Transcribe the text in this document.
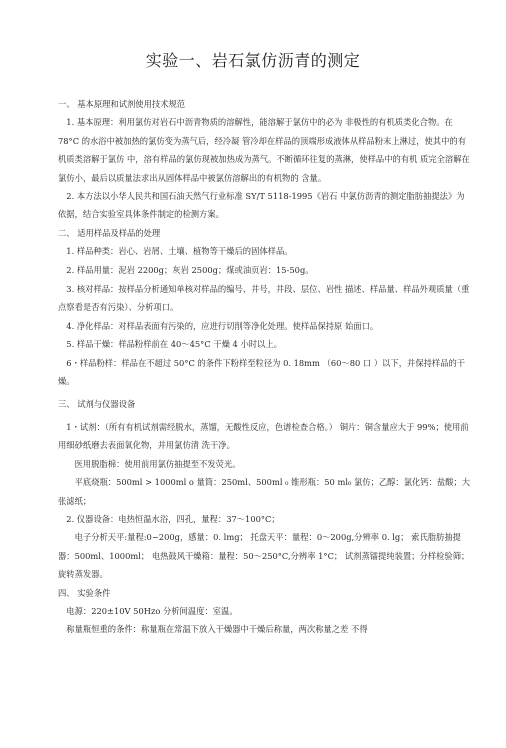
实验一、岩石氯仿沥青的测定

一、 基本原理和试剂使用技术规范

　1. 基本原理：利用氯仿对岩石中沥青物质的溶解性，能溶解于氯仿中的必为 非极性的有机质类化合物。在 78°C 的水浴中被加热的氯仿变为蒸气后，经冷凝 管冷却在样品的顶端形成液体从样品粉末上淋过，使其中的有机质类溶解于氯仿 中，溶有样品的氯仿现被加热成为蒸气。不断循环往复的蒸淋，使样品中的有机 质完全溶解在氯仿小，最后以质量法求出从固体样品中被氯仿溶解出的有机物的 含量。

　2. 本方法以小华人民共和国石油天然气行业标准 SY/T 5118-1995《岩石 中氯仿沥青的测定脂肪抽提法》为依据，结合实验室具体条件制定的检测方案。

二、 适用样品及样品的处理

　1. 样品种类：岩心、岩屑、土壤、植物等干燥后的固体样品。

　2. 样品用量：泥岩 2200g；灰岩 2500g；煤或油页岩：15-50g。

　3. 核对样品：按样品分析通知单核对样品的编号、井号，井段、层位、岩性 描述、样品量、样品外观质量（重点察看是否有污染）、分析项口。

　4. 净化样品：对样品表面有污染的，应进行切削等净化处理。使样品保持原 始面口。

　5. 样品干燥：样品粉样前在 40～45°C 干燥 4 小时以上。

　6・样品粉样：样品在不超过 50°C 的条件下粉样至粒径为 0. 18mm （60～80 口 ）以下，并保持样品的干燥。

三、 试剂与仪器设备

　1・试剂：（所有有机试剂需经脱水，蒸馏，无酸性反应，色谱检查合格。） 铜片：铜含量应大于 99%；使用前用细砂纸磨去表面氧化物，并用氯仿清 洗干净。

　　医用脱脂棉：使用前用氯仿抽提至不发荧光。

　　平底烧瓶：500ml > 1000ml o 量筒：250ml、500ml ₀ 锥形瓶：50 ml₀ 氯仿；乙醇：氯化钙：盐酸；大张滤纸；

　2. 仪器设备：电热恒温水浴，四孔，量程：37～100°C；

　　电子分析天平:量程:0~200g，感量：0. lmg； 托盘天平：量程：0～200g,分辨率 0. lg； 索氏脂肪抽提器：500ml、1000ml； 电热鼓风干燥箱：量程：50～250°C,分辨率 1°C； 试剂蒸镭提纯装置；分样检验筛；旋转蒸发器。

四、 实验条件

　电源：220±10V 50Hzo 分析间温度：室温。

　称量瓶恒重的条件：称量瓶在常温下放入干燥器中干燥后称量，两次称量之差 不得
